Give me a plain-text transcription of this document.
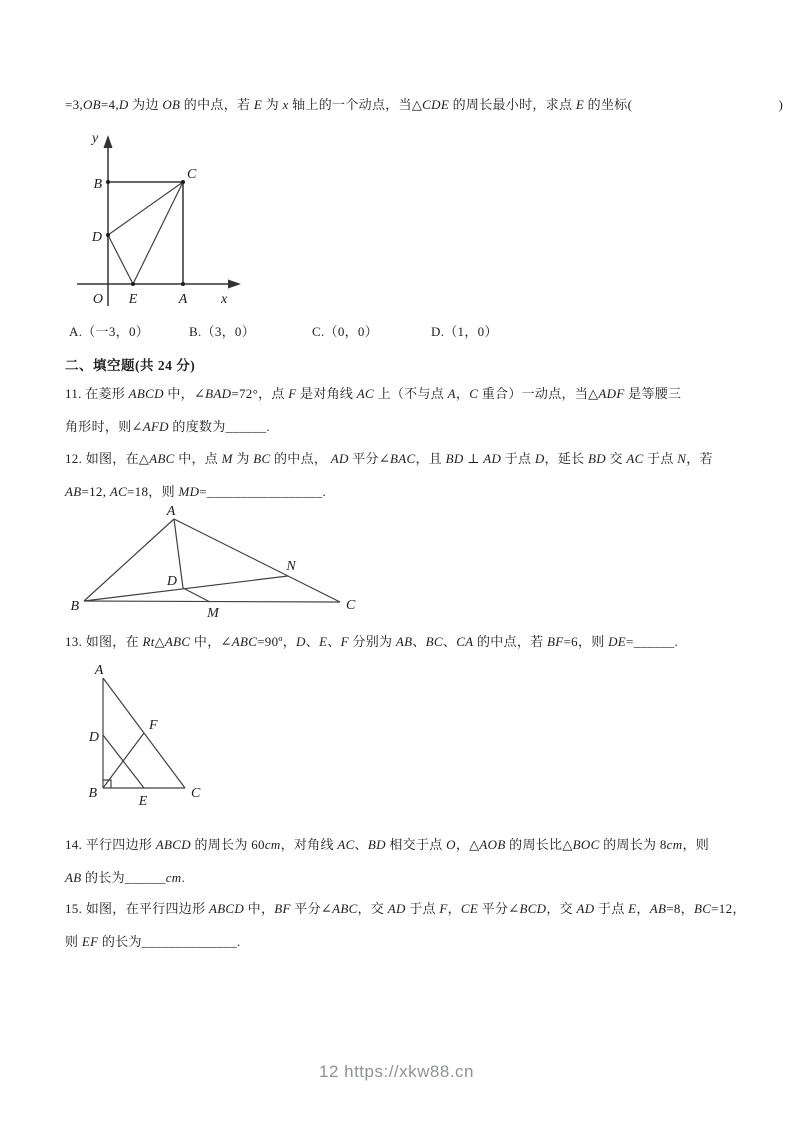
=3,OB=4,D 为边 OB 的中点，若 E 为 x 轴上的一个动点，当△CDE 的周长最小时，求点 E 的坐标(　　　　　　　　　　　)
y
B
C
D
O E	A x
A.（一3，0）	B.（3，0）	C.（0，0）	D.（1，0）
二、填空题(共 24 分)
11. 在菱形 ABCD 中，∠BAD=72°，点 F 是对角线 AC 上（不与点 A，C 重合）一动点，当△ADF 是等腰三
角形时，则∠AFD 的度数为______.
12. 如图，在△ABC 中，点 M 为 BC 的中点， AD 平分∠BAC，且 BD ⊥ AD 于点 D，延长 BD 交 AC 于点 N，若
AB=12, AC=18，则 MD=_________________.
A
B	C
D
M
N
13. 如图，在 Rt△ABC 中，∠ABC=90º，D、E、F 分别为 AB、BC、CA 的中点，若 BF=6，则 DE=______.
A
B	C
D
E
F
14. 平行四边形 ABCD 的周长为 60cm，对角线 AC、BD 相交于点 O，△AOB 的周长比△BOC 的周长为 8cm，则
AB 的长为______cm.
15. 如图，在平行四边形 ABCD 中，BF 平分∠ABC，交 AD 于点 F，CE 平分∠BCD，交 AD 于点 E，AB=8，BC=12，
则 EF 的长为______________.
12 https://xkw88.cn
